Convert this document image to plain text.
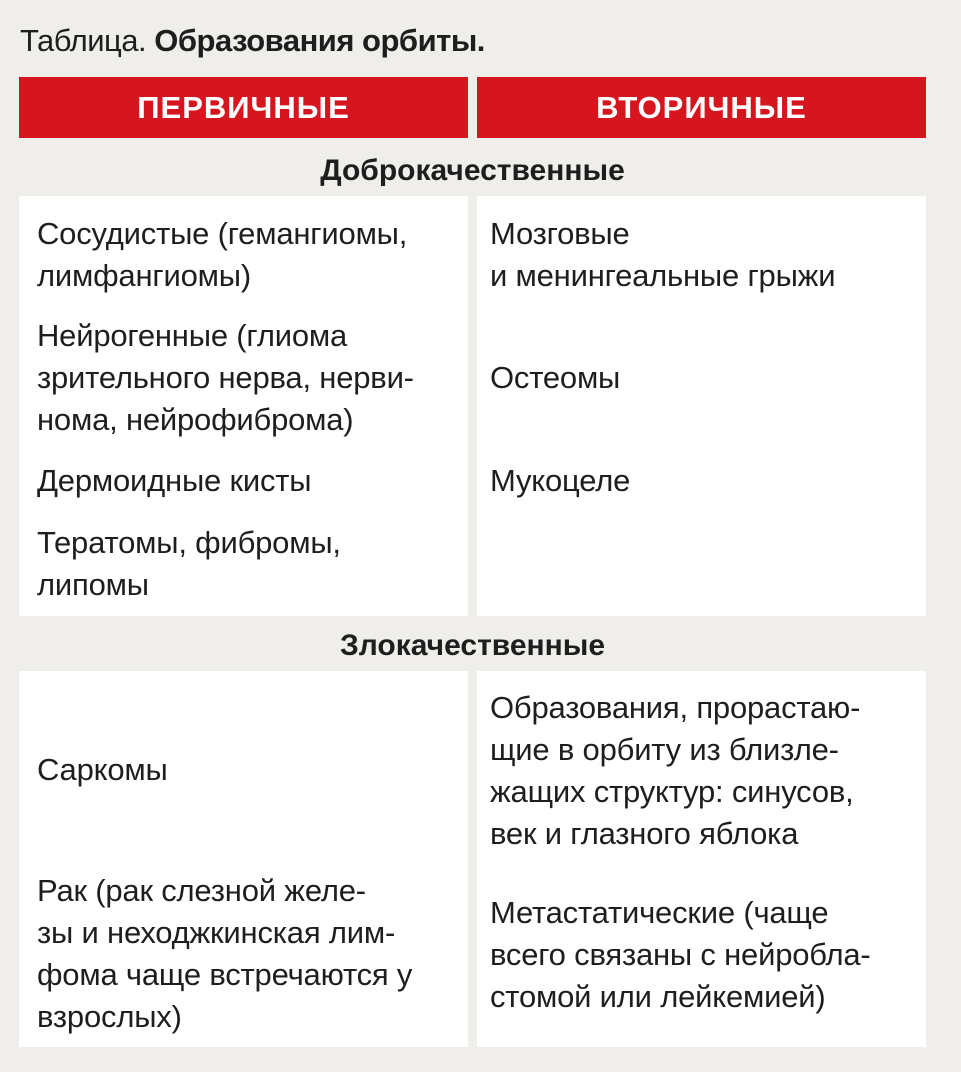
Таблица. Образования орбиты.
ПЕРВИЧНЫЕ	ВТОРИЧНЫЕ
Доброкачественные
Сосудистые (гемангиомы,
лимфангиомы)
Нейрогенные (глиома
зрительного нерва, нерви-
нома, нейрофиброма)
Дермоидные кисты
Тератомы, фибромы,
липомы
Мозговые
и менингеальные грыжи
Остеомы
Мукоцеле
Злокачественные
Саркомы
Рак (рак слезной желе-
зы и неходжкинская лим-
фома чаще встречаются у
взрослых)
Образования, прорастаю-
щие в орбиту из близле-
жащих структур: синусов,
век и глазного яблока
Метастатические (чаще
всего связаны с нейробла-
стомой или лейкемией)
